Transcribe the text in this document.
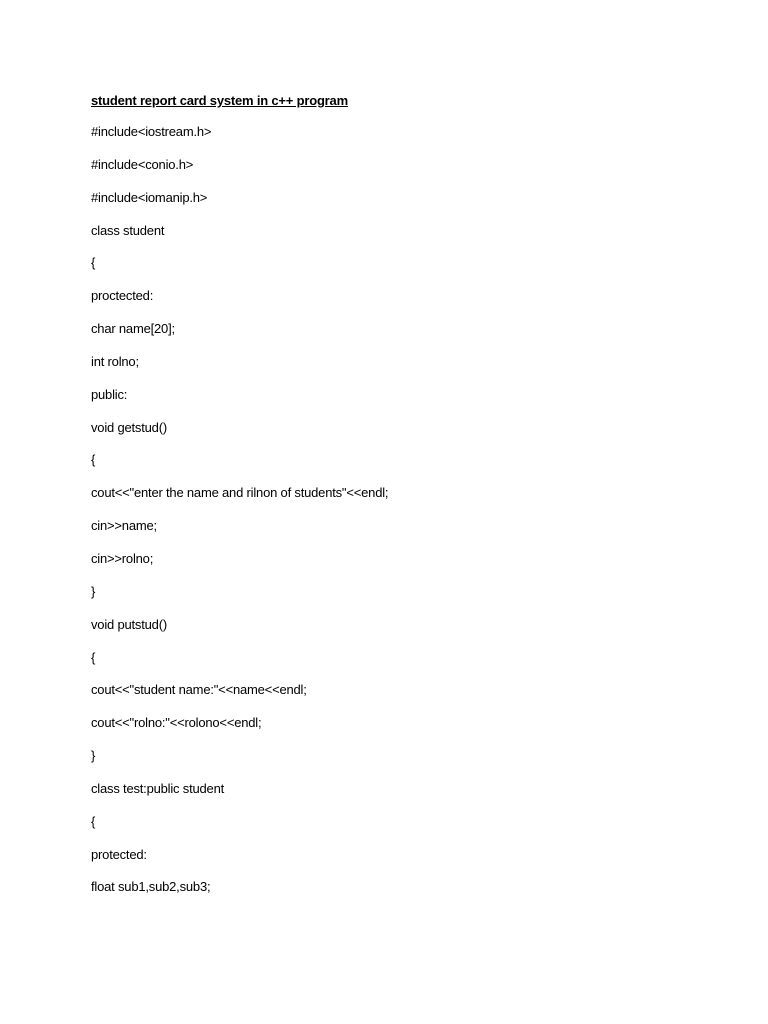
student report card system in c++ program
#include<iostream.h>
#include<conio.h>
#include<iomanip.h>
class student
{
proctected:
char name[20];
int rolno;
public:
void getstud()
{
cout<<"enter the name and rilnon of students"<<endl;
cin>>name;
cin>>rolno;
}
void putstud()
{
cout<<"student name:"<<name<<endl;
cout<<"rolno:"<<rolono<<endl;
}
class test:public student
{
protected:
float sub1,sub2,sub3;
